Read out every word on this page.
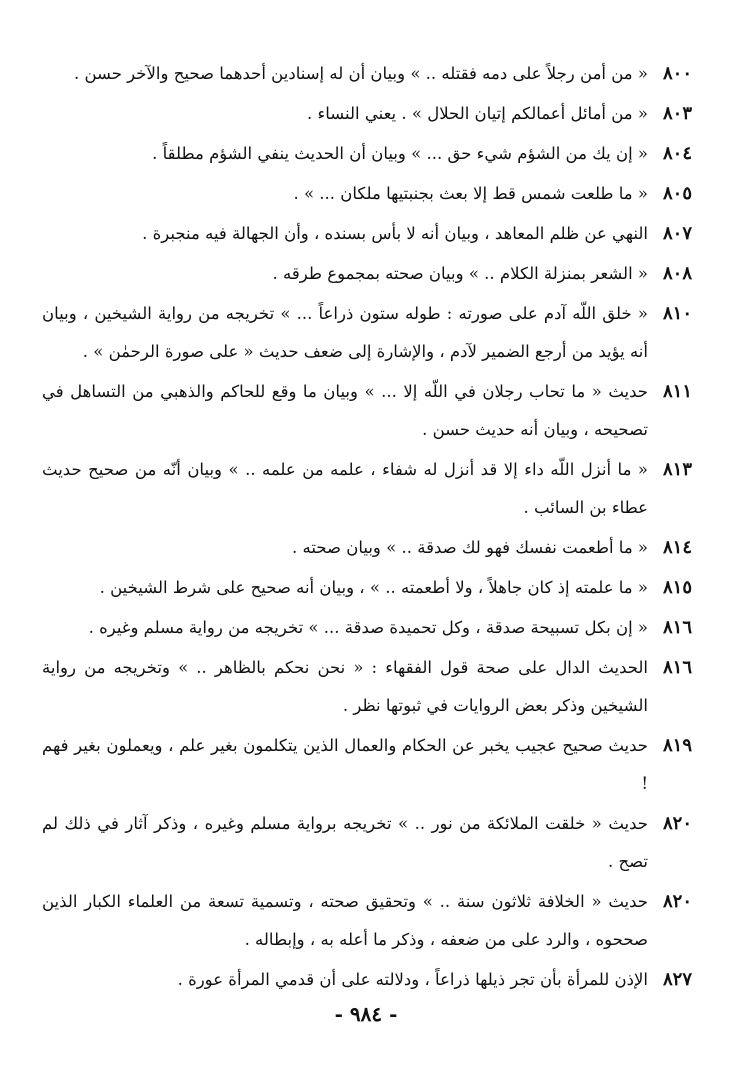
٨٠٠
« من أمن رجلاً على دمه فقتله .. » وبيان أن له إسنادين أحدهما صحيح والآخر حسن .
٨٠٣
« من أمائل أعمالكم إتيان الحلال » . يعني النساء .
٨٠٤
« إن يك من الشؤم شيء حق ... » وبيان أن الحديث ينفي الشؤم مطلقاً .
٨٠٥
« ما طلعت شمس قط إلا بعث بجنبتيها ملكان ... » .
٨٠٧
النهي عن ظلم المعاهد ، وبيان أنه لا بأس بسنده ، وأن الجهالة فيه منجبرة .
٨٠٨
« الشعر بمنزلة الكلام .. » وبيان صحته بمجموع طرقه .
٨١٠
« خلق اللّه آدم على صورته : طوله ستون ذراعاً ... » تخريجه من رواية الشيخين ، وبيان أنه يؤيد من أرجع الضمير لآدم ، والإشارة إلى ضعف حديث « على صورة الرحمٰن » .
٨١١
حديث « ما تحاب رجلان في اللّه إلا ... » وبيان ما وقع للحاكم والذهبي من التساهل في تصحيحه ، وبيان أنه حديث حسن .
٨١٣
« ما أنزل اللّه داء إلا قد أنزل له شفاء ، علمه من علمه .. » وبيان أنّه من صحيح حديث عطاء بن السائب .
٨١٤
« ما أطعمت نفسك فهو لك صدقة .. » وبيان صحته .
٨١٥
« ما علمته إذ كان جاهلاً ، ولا أطعمته .. » ، وبيان أنه صحيح على شرط الشيخين .
٨١٦
« إن بكل تسبيحة صدقة ، وكل تحميدة صدقة ... » تخريجه من رواية مسلم وغيره .
٨١٦
الحديث الدال على صحة قول الفقهاء : « نحن نحكم بالظاهر .. » وتخريجه من رواية الشيخين وذكر بعض الروايات في ثبوتها نظر .
٨١٩
حديث صحيح عجيب يخبر عن الحكام والعمال الذين يتكلمون بغير علم ، ويعملون بغير فهم !
٨٢٠
حديث « خلقت الملائكة من نور .. » تخريجه برواية مسلم وغيره ، وذكر آثار في ذلك لم تصح .
٨٢٠
حديث « الخلافة ثلاثون سنة .. » وتحقيق صحته ، وتسمية تسعة من العلماء الكبار الذين صححوه ، والرد على من ضعفه ، وذكر ما أعله به ، وإبطاله .
٨٢٧
الإذن للمرأة بأن تجر ذيلها ذراعاً ، ودلالته على أن قدمي المرأة عورة .
- ٩٨٤ -
